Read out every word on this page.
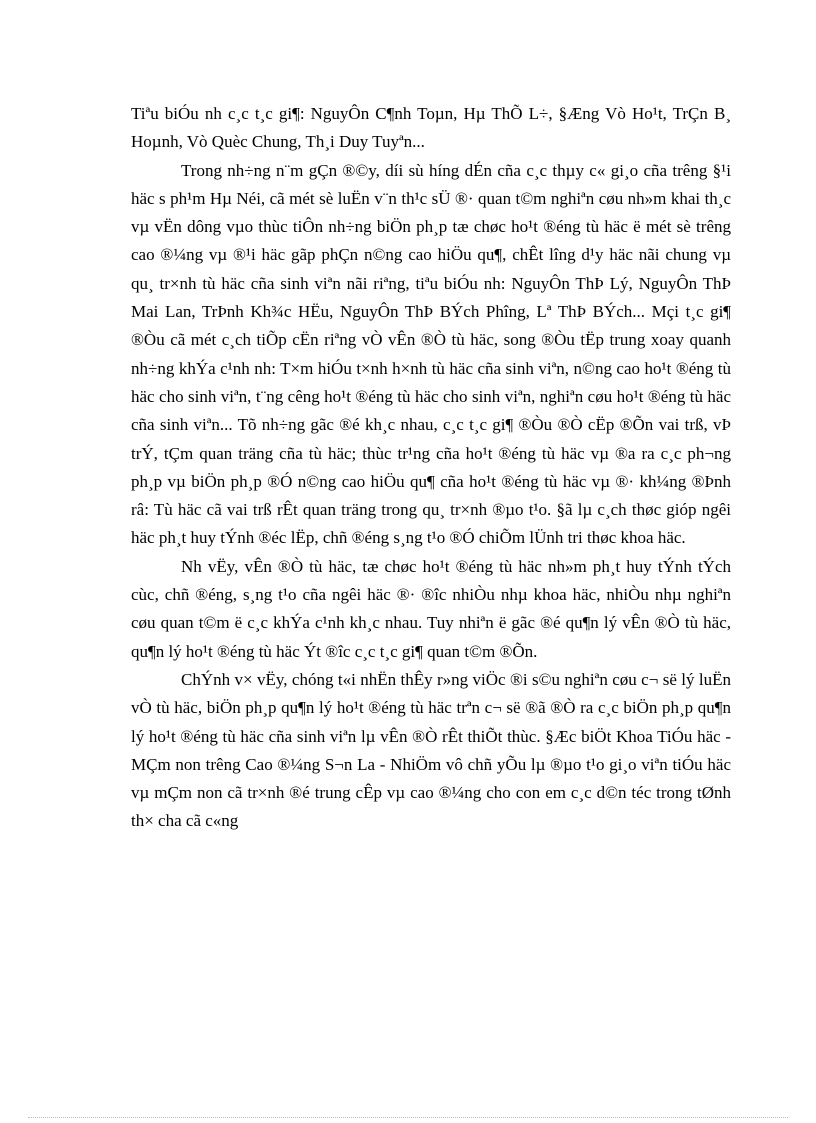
Tiªu biÓu nh c¸c t¸c gi¶: NguyÔn C¶nh Toµn, Hµ ThÕ L÷, §Æng Vò Ho¹t, TrÇn B¸ Hoµnh, Vò Quèc Chung, Th¸i Duy Tuyªn...

Trong nh÷ng n¨m gÇn ®©y, díi sù híng dÉn cña c¸c thµy c« gi¸o cña trêng §¹i häc s ph¹m Hµ Néi, cã mét sè luËn v¨n th¹c sÜ ®· quan t©m nghiªn cøu nh»m khai th¸c vµ vËn dông vµo thùc tiÔn nh÷ng biÖn ph¸p tæ chøc ho¹t ®éng tù häc ë mét sè trêng cao ®¼ng vµ ®¹i häc gãp phÇn n©ng cao hiÖu qu¶, chÊt lîng d¹y häc nãi chung vµ qu¸ tr×nh tù häc cña sinh viªn nãi riªng, tiªu biÓu nh: NguyÔn ThÞ Lý, NguyÔn ThÞ Mai Lan, TrÞnh Kh¾c HËu, NguyÔn ThÞ BÝch Phîng, Lª ThÞ BÝch... Mçi t¸c gi¶ ®Òu cã mét c¸ch tiÕp cËn riªng vÒ vÊn ®Ò tù häc, song ®Òu tËp trung xoay quanh nh÷ng khÝa c¹nh nh: T×m hiÓu t×nh h×nh tù häc cña sinh viªn, n©ng cao ho¹t ®éng tù häc cho sinh viªn, t¨ng cêng ho¹t ®éng tù häc cho sinh viªn, nghiªn cøu ho¹t ®éng tù häc cña sinh viªn... Tõ nh÷ng gãc ®é kh¸c nhau, c¸c t¸c gi¶ ®Òu ®Ò cËp ®Õn vai trß, vÞ trÝ, tÇm quan träng cña tù häc; thùc tr¹ng cña ho¹t ®éng tù häc vµ ®a ra c¸c ph¬ng ph¸p vµ biÖn ph¸p ®Ó n©ng cao hiÖu qu¶ cña ho¹t ®éng tù häc vµ ®· kh¼ng ®Þnh râ: Tù häc cã vai trß rÊt quan träng trong qu¸ tr×nh ®µo t¹o. §ã lµ c¸ch thøc gióp ngêi häc ph¸t huy tÝnh ®éc lËp, chñ ®éng s¸ng t¹o ®Ó chiÕm lÜnh tri thøc khoa häc.

Nh vËy, vÊn ®Ò tù häc, tæ chøc ho¹t ®éng tù häc nh»m ph¸t huy tÝnh tÝch cùc, chñ ®éng, s¸ng t¹o cña ngêi häc ®· ®îc nhiÒu nhµ khoa häc, nhiÒu nhµ nghiªn cøu quan t©m ë c¸c khÝa c¹nh kh¸c nhau. Tuy nhiªn ë gãc ®é qu¶n lý vÊn ®Ò tù häc, qu¶n lý ho¹t ®éng tù häc Ýt ®îc c¸c t¸c gi¶ quan t©m ®Õn.

ChÝnh v× vËy, chóng t«i nhËn thÊy r»ng viÖc ®i s©u nghiªn cøu c¬ së lý luËn vÒ tù häc, biÖn ph¸p qu¶n lý ho¹t ®éng tù häc trªn c¬ së ®ã ®Ò ra c¸c biÖn ph¸p qu¶n lý ho¹t ®éng tù häc cña sinh viªn lµ vÊn ®Ò rÊt thiÕt thùc. §Æc biÖt Khoa TiÓu häc - MÇm non trêng Cao ®¼ng S¬n La - NhiÖm vô chñ yÕu lµ ®µo t¹o gi¸o viªn tiÓu häc vµ mÇm non cã tr×nh ®é trung cÊp vµ cao ®¼ng cho con em c¸c d©n téc trong tØnh th× cha cã c«ng
